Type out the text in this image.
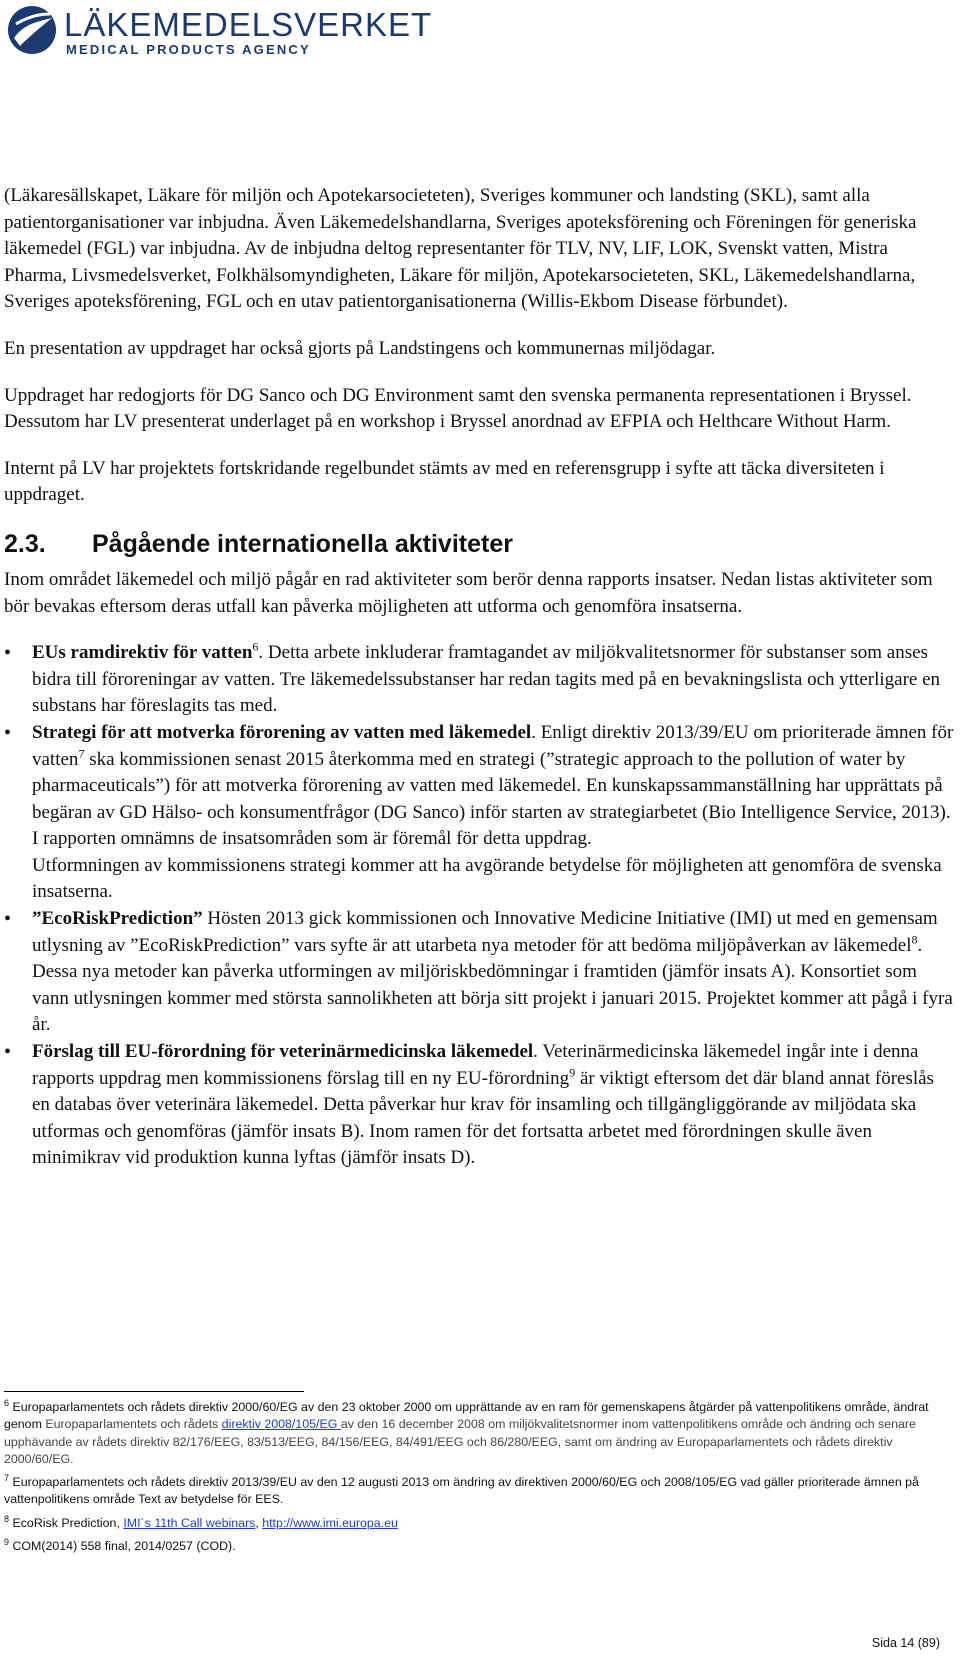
LÄKEMEDELSVERKET
MEDICAL PRODUCTS AGENCY

(Läkaresällskapet, Läkare för miljön och Apotekarsocieteten), Sveriges kommuner och landsting (SKL), samt alla patientorganisationer var inbjudna. Även Läkemedelshandlarna, Sveriges apoteksförening och Föreningen för generiska läkemedel (FGL) var inbjudna. Av de inbjudna deltog representanter för TLV, NV, LIF, LOK, Svenskt vatten, Mistra Pharma, Livsmedelsverket, Folkhälsomyndigheten, Läkare för miljön, Apotekarsocieteten, SKL, Läkemedelshandlarna, Sveriges apoteksförening, FGL och en utav patientorganisationerna (Willis-Ekbom Disease förbundet).

En presentation av uppdraget har också gjorts på Landstingens och kommunernas miljödagar.

Uppdraget har redogjorts för DG Sanco och DG Environment samt den svenska permanenta representationen i Bryssel. Dessutom har LV presenterat underlaget på en workshop i Bryssel anordnad av EFPIA och Helthcare Without Harm.

Internt på LV har projektets fortskridande regelbundet stämts av med en referensgrupp i syfte att täcka diversiteten i uppdraget.

2.3. Pågående internationella aktiviteter

Inom området läkemedel och miljö pågår en rad aktiviteter som berör denna rapports insatser. Nedan listas aktiviteter som bör bevakas eftersom deras utfall kan påverka möjligheten att utforma och genomföra insatserna.

• EUs ramdirektiv för vatten$^6$. Detta arbete inkluderar framtagandet av miljökvalitetsnormer för substanser som anses bidra till föroreningar av vatten. Tre läkemedelssubstanser har redan tagits med på en bevakningslista och ytterligare en substans har föreslagits tas med.
• Strategi för att motverka förorening av vatten med läkemedel. Enligt direktiv 2013/39/EU om prioriterade ämnen för vatten$^7$ ska kommissionen senast 2015 återkomma med en strategi (”strategic approach to the pollution of water by pharmaceuticals”) för att motverka förorening av vatten med läkemedel. En kunskapssammanställning har upprättats på begäran av GD Hälso- och konsumentfrågor (DG Sanco) inför starten av strategiarbetet (Bio Intelligence Service, 2013). I rapporten omnämns de insatsområden som är föremål för detta uppdrag.
Utformningen av kommissionens strategi kommer att ha avgörande betydelse för möjligheten att genomföra de svenska insatserna.
• ”EcoRiskPrediction” Hösten 2013 gick kommissionen och Innovative Medicine Initiative (IMI) ut med en gemensam utlysning av ”EcoRiskPrediction” vars syfte är att utarbeta nya metoder för att bedöma miljöpåverkan av läkemedel$^8$. Dessa nya metoder kan påverka utformingen av miljöriskbedömningar i framtiden (jämför insats A). Konsortiet som vann utlysningen kommer med största sannolikheten att börja sitt projekt i januari 2015. Projektet kommer att pågå i fyra år.
• Förslag till EU-förordning för veterinärmedicinska läkemedel. Veterinärmedicinska läkemedel ingår inte i denna rapports uppdrag men kommissionens förslag till en ny EU-förordning$^9$ är viktigt eftersom det där bland annat föreslås en databas över veterinära läkemedel. Detta påverkar hur krav för insamling och tillgängliggörande av miljödata ska utformas och genomföras (jämför insats B). Inom ramen för det fortsatta arbetet med förordningen skulle även minimikrav vid produktion kunna lyftas (jämför insats D).
$^6$ Europaparlamentets och rådets direktiv 2000/60/EG av den 23 oktober 2000 om upprättande av en ram för gemenskapens åtgärder på vattenpolitikens område, ändrat genom Europaparlamentets och rådets direktiv 2008/105/EG av den 16 december 2008 om miljökvalitetsnormer inom vattenpolitikens område och ändring och senare upphävande av rådets direktiv 82/176/EEG, 83/513/EEG, 84/156/EEG, 84/491/EEG och 86/280/EEG, samt om ändring av Europaparlamentets och rådets direktiv 2000/60/EG.
$^7$ Europaparlamentets och rådets direktiv 2013/39/EU av den 12 augusti 2013 om ändring av direktiven 2000/60/EG och 2008/105/EG vad gäller prioriterade ämnen på vattenpolitikens område Text av betydelse för EES.
$^8$ EcoRisk Prediction, IMI´s 11th Call webinars, http://www.imi.europa.eu
$^9$ COM(2014) 558 final, 2014/0257 (COD).
Sida 14 (89)
